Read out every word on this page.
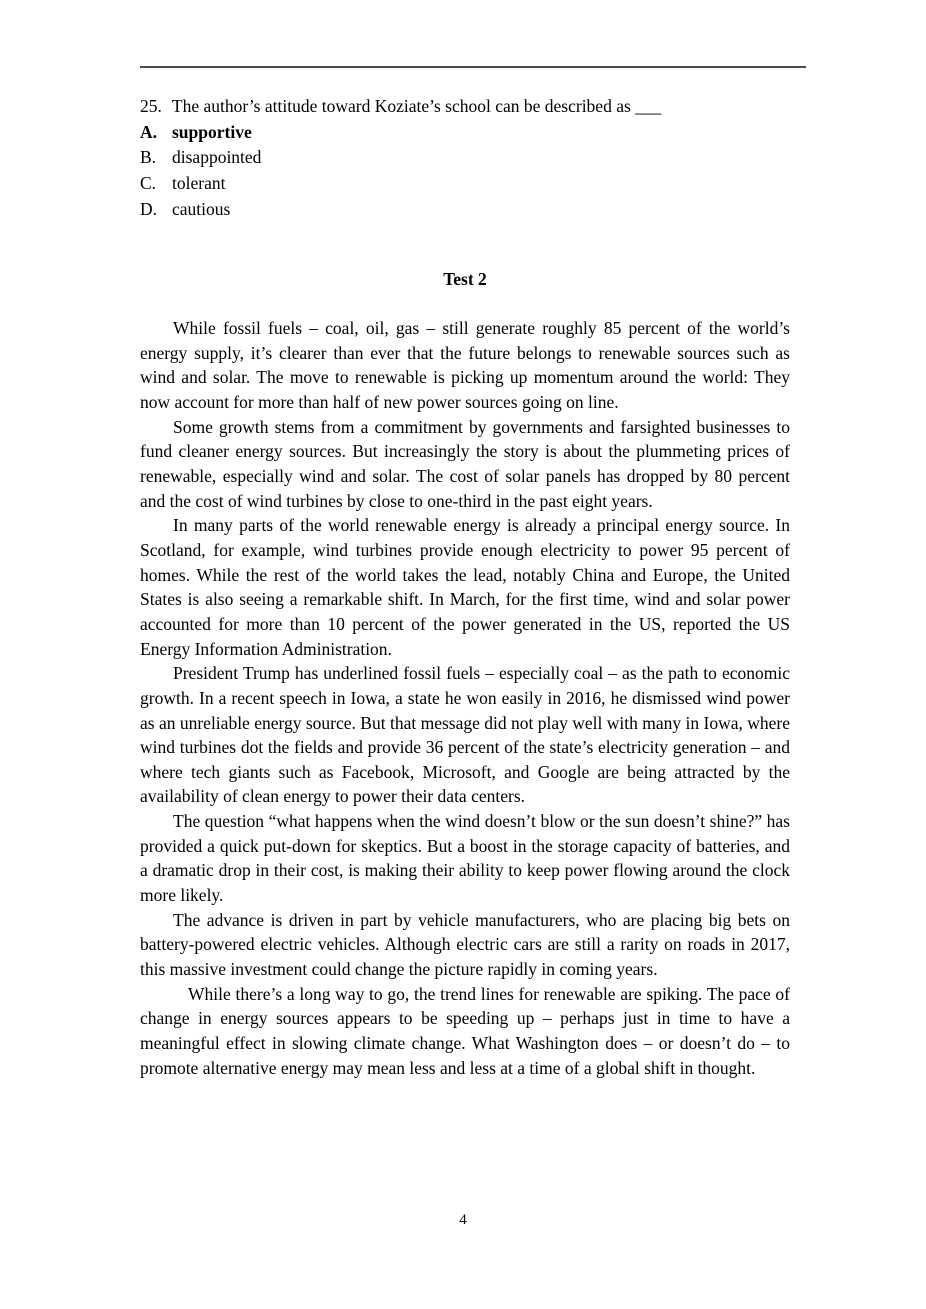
25. The author’s attitude toward Koziate’s school can be described as ___
A. supportive
B. disappointed
C. tolerant
D. cautious
Test 2

While fossil fuels – coal, oil, gas – still generate roughly 85 percent of the world’s energy supply, it’s clearer than ever that the future belongs to renewable sources such as wind and solar. The move to renewable is picking up momentum around the world: They now account for more than half of new power sources going on line.

Some growth stems from a commitment by governments and farsighted businesses to fund cleaner energy sources. But increasingly the story is about the plummeting prices of renewable, especially wind and solar. The cost of solar panels has dropped by 80 percent and the cost of wind turbines by close to one-third in the past eight years.

In many parts of the world renewable energy is already a principal energy source. In Scotland, for example, wind turbines provide enough electricity to power 95 percent of homes. While the rest of the world takes the lead, notably China and Europe, the United States is also seeing a remarkable shift. In March, for the first time, wind and solar power accounted for more than 10 percent of the power generated in the US, reported the US Energy Information Administration.

President Trump has underlined fossil fuels – especially coal – as the path to economic growth. In a recent speech in Iowa, a state he won easily in 2016, he dismissed wind power as an unreliable energy source. But that message did not play well with many in Iowa, where wind turbines dot the fields and provide 36 percent of the state’s electricity generation – and where tech giants such as Facebook, Microsoft, and Google are being attracted by the availability of clean energy to power their data centers.

The question “what happens when the wind doesn’t blow or the sun doesn’t shine?” has provided a quick put-down for skeptics. But a boost in the storage capacity of batteries, and a dramatic drop in their cost, is making their ability to keep power flowing around the clock more likely.

The advance is driven in part by vehicle manufacturers, who are placing big bets on battery-powered electric vehicles. Although electric cars are still a rarity on roads in 2017, this massive investment could change the picture rapidly in coming years.

While there’s a long way to go, the trend lines for renewable are spiking. The pace of change in energy sources appears to be speeding up – perhaps just in time to have a meaningful effect in slowing climate change. What Washington does – or doesn’t do – to promote alternative energy may mean less and less at a time of a global shift in thought.

4
